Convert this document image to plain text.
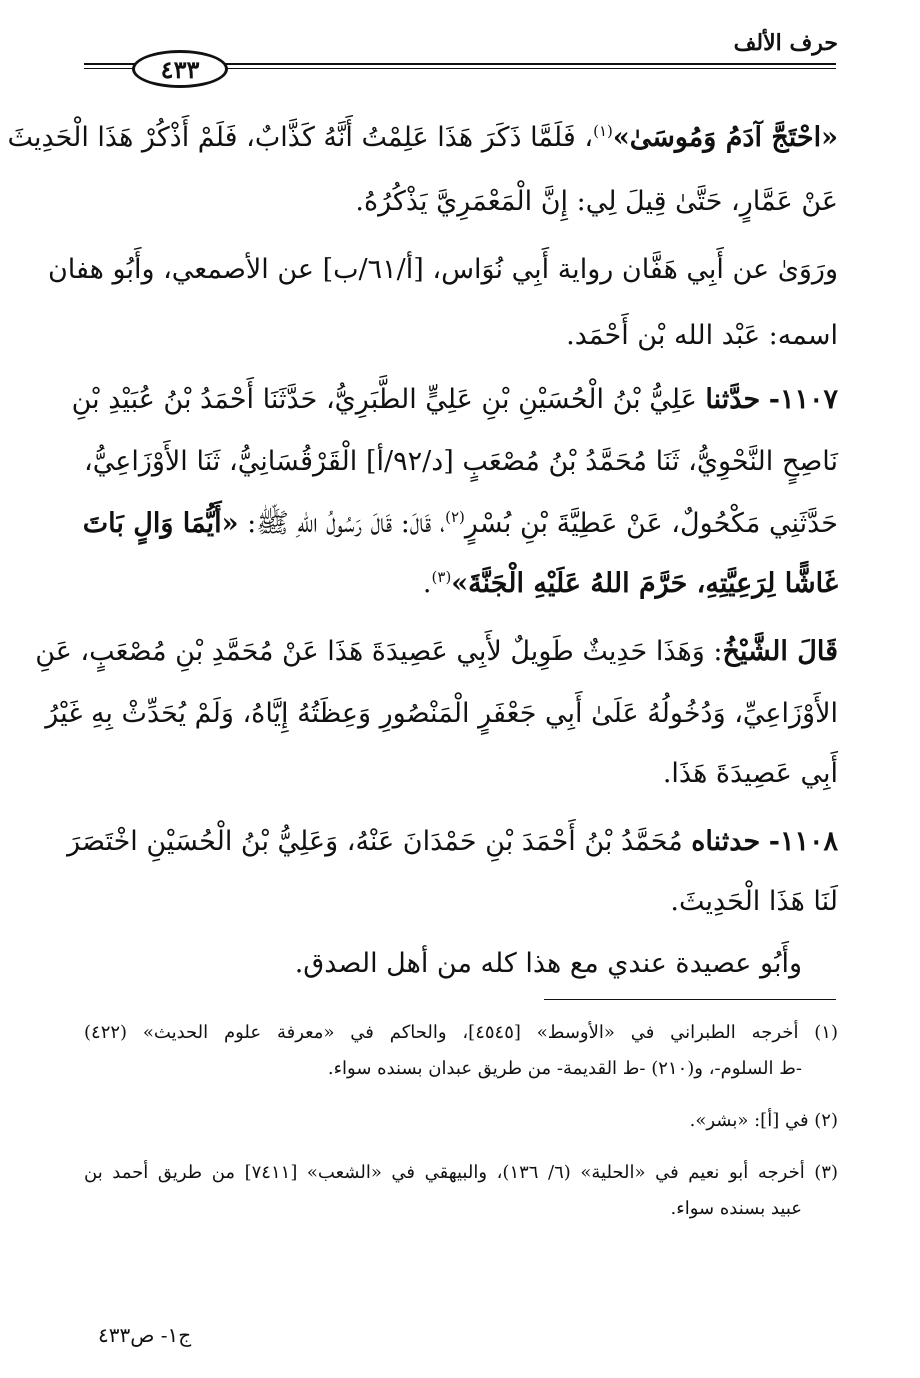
حرف الألف
٤٣٣
«احْتَجَّ آدَمُ وَمُوسَىٰ»$^{(١)}$، فَلَمَّا ذَكَرَ هَذَا عَلِمْتُ أَنَّهُ كَذَّابٌ، فَلَمْ أَذْكُرْ هَذَا الْحَدِيثَ
عَنْ عَمَّارٍ، حَتَّىٰ قِيلَ لِي: إِنَّ الْمَعْمَرِيَّ يَذْكُرُهُ.
ورَوَىٰ عن أَبِي هَفَّان رواية أَبِي نُوَاس، [أ/٦١/ب] عن الأصمعي، وأَبُو هفان
اسمه: عَبْد الله بْن أَحْمَد.
١١٠٧- حدَّثنا عَلِيُّ بْنُ الْحُسَيْنِ بْنِ عَلِيٍّ الطَّبَرِيُّ، حَدَّثَنَا أَحْمَدُ بْنُ عُبَيْدِ بْنِ
نَاصِحٍ النَّحْوِيُّ، ثَنَا مُحَمَّدُ بْنُ مُصْعَبٍ [د/٩٢/أ] الْقَرْقُسَانِيُّ، ثَنَا الأَوْزَاعِيُّ،
حَدَّثَنِي مَكْحُولٌ، عَنْ عَطِيَّةَ بْنِ بُسْرٍ$^{(٢)}$، قَالَ: قَالَ رَسُولُ اللهِ ﷺ: «أَيُّمَا وَالٍ بَاتَ
غَاشًّا لِرَعِيَّتِهِ، حَرَّمَ اللهُ عَلَيْهِ الْجَنَّةَ»$^{(٣)}$.
قَالَ الشَّيْخُ: وَهَذَا حَدِيثٌ طَوِيلٌ لأَبِي عَصِيدَةَ هَذَا عَنْ مُحَمَّدِ بْنِ مُصْعَبٍ، عَنِ
الأَوْزَاعِيِّ، وَدُخُولُهُ عَلَىٰ أَبِي جَعْفَرٍ الْمَنْصُورِ وَعِظَتُهُ إِيَّاهُ، وَلَمْ يُحَدِّثْ بِهِ غَيْرُ
أَبِي عَصِيدَةَ هَذَا.
١١٠٨- حدثناه مُحَمَّدُ بْنُ أَحْمَدَ بْنِ حَمْدَانَ عَنْهُ، وَعَلِيُّ بْنُ الْحُسَيْنِ اخْتَصَرَ
لَنَا هَذَا الْحَدِيثَ.
وأَبُو عصيدة عندي مع هذا كله من أهل الصدق.
(١) أخرجه الطبراني في «الأوسط» [٤٥٤٥]، والحاكم في «معرفة علوم الحديث» (٤٢٢)
-ط السلوم-، و(٢١٠) -ط القديمة- من طريق عبدان بسنده سواء.
(٢) في [أ]: «بشر».
(٣) أخرجه أبو نعيم في «الحلية» (٦/ ١٣٦)، والبيهقي في «الشعب» [٧٤١١] من طريق أحمد بن
عبيد بسنده سواء.
ج١- ص٤٣٣
